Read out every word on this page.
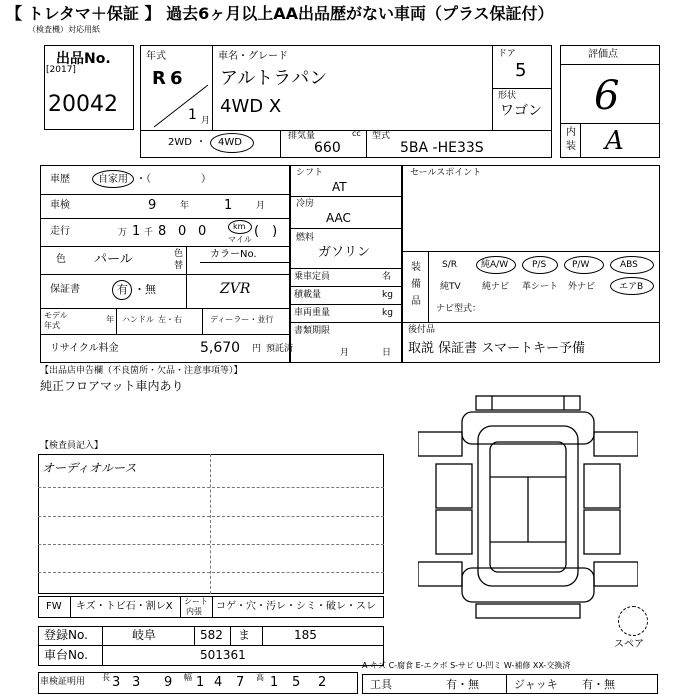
【 トレタマ＋保証 】 過去6ヶ月以上AA出品歴がない車両（プラス保証付）
（検査機）対応用紙
出品No.
[2017]
20042
年式
R 6
1 月
車名・グレード
アルトラパン
4WD X
ドア
5
形状
ワゴン
2WD ・ 4WD
排気量	cc
660
型式
5BA -HE33S
評価点
6
内
装 A
車歴	自家用 ・（　　　　　）
車検	9	年	1	月
走行	万 1 千 8 0 0	km
マイル
(　)
色 パール	色
替
カラーNo.
ZVR
保証書	有 ・無
モデル
年式
年 ハンドル 左・右	ディーラー・並行
リサイクル料金	5,670 円 預託済
シフト
AT
冷房
AAC
燃料
ガソリン
乗車定員	名
積載量	kg
車両重量	kg
書類期限
月	日
セールスポイント
装
備
品
S/R	純A/W	P/S	P/W	ABS
純TV 純ナビ 革シート 外ナビ	エアB
ナビ型式：
後付品
取説 保証書 スマートキー予備
【出品店申告欄（不良箇所・欠品・注意事項等）】
純正フロアマット車内あり
【検査員記入】
オーディオルース
FW キズ・トビ石・割レX シート
内張 コゲ・穴・汚レ・シミ・破レ・スレ
登録No.	岐阜	582 ま	185
車台No.	501361
車検証明用 長 3 3 9 幅 1 4 7 高 1 5 2
スペア
A-キズ C-腐食 E-エクボ S-サビ U-凹ミ W-補修 XX-交換済
工具	有・無	ジャッキ 有・無
